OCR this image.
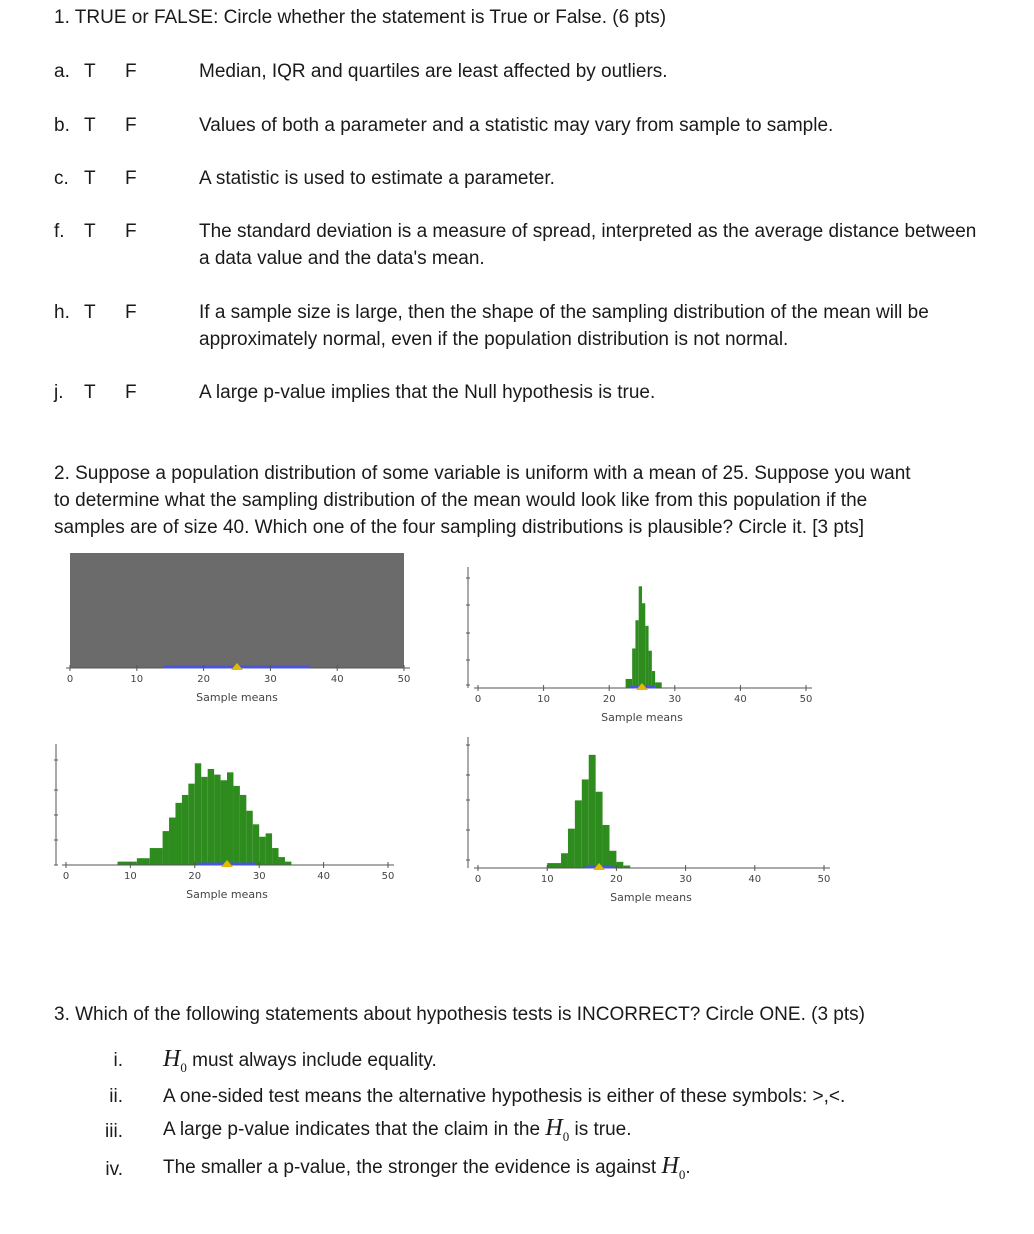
1. TRUE or FALSE: Circle whether the statement is True or False. (6 pts)
a. T F	Median, IQR and quartiles are least affected by outliers.
b. T F	Values of both a parameter and a statistic may vary from sample to sample.
c. T F	A statistic is used to estimate a parameter.
f.	T F	The standard deviation is a measure of spread, interpreted as the average distance between a data value and the data's mean.
h. T F	If a sample size is large, then the shape of the sampling distribution of the mean will be approximately normal, even if the population distribution is not normal.
j.	T F	A large p-value implies that the Null hypothesis is true.
2. Suppose a population distribution of some variable is uniform with a mean of 25. Suppose you want
to determine what the sampling distribution of the mean would look like from this population if the
samples are of size 40. Which one of the four sampling distributions is plausible? Circle it. [3 pts]
0	10	20	30	40	50
Sample means	0	10	20	30	40	50
Sample means
0	10	20	30	40	50
Sample means
0	10	20	30	40	50
Sample means
3. Which of the following statements about hypothesis tests is INCORRECT? Circle ONE. (3 pts)
i. $H_0$ must always include equality.
ii. A one-sided test means the alternative hypothesis is either of these symbols: >,<.
iii. A large p-value indicates that the claim in the $H_0$ is true.
iv. The smaller a p-value, the stronger the evidence is against $H_0$.
